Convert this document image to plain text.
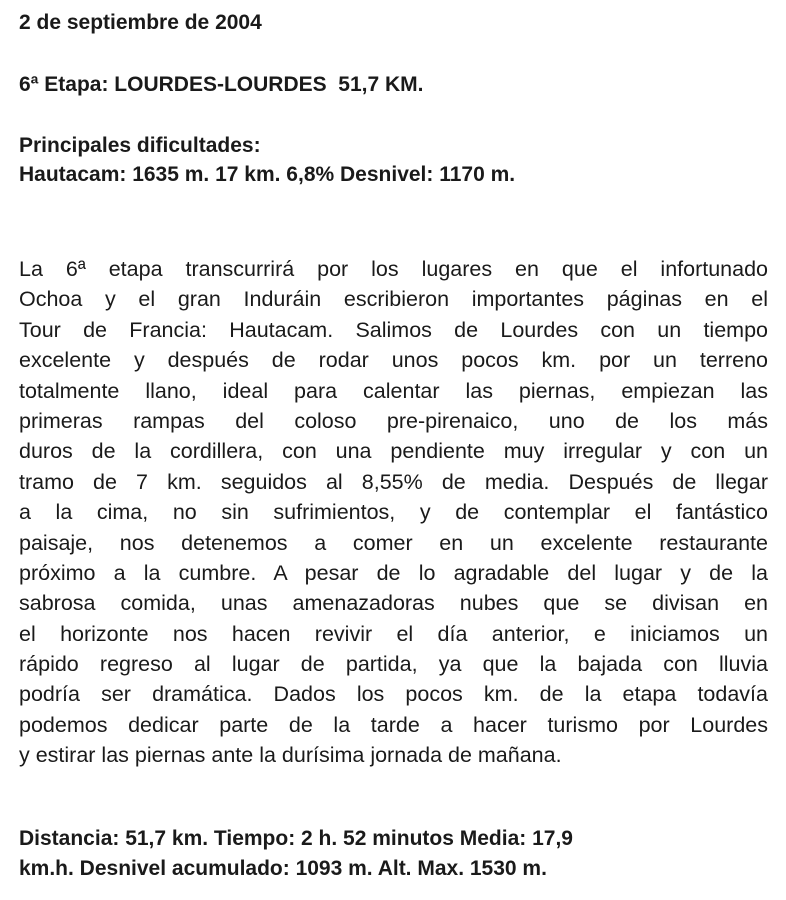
2 de septiembre de 2004
6ª Etapa: LOURDES-LOURDES  51,7 KM.
Principales dificultades:
Hautacam: 1635 m. 17 km. 6,8% Desnivel: 1170 m.
La 6ª etapa transcurrirá por los lugares en que el infortunado
Ochoa y el gran Induráin escribieron importantes páginas en el
Tour de Francia: Hautacam. Salimos de Lourdes con un tiempo
excelente y después de rodar unos pocos km. por un terreno
totalmente llano, ideal para calentar las piernas, empiezan las
primeras rampas del coloso pre-pirenaico, uno de los más
duros de la cordillera, con una pendiente muy irregular y con un
tramo de 7 km. seguidos al 8,55% de media. Después de llegar
a la cima, no sin sufrimientos, y de contemplar el fantástico
paisaje, nos detenemos a comer en un excelente restaurante
próximo a la cumbre. A pesar de lo agradable del lugar y de la
sabrosa comida, unas amenazadoras nubes que se divisan en
el horizonte nos hacen revivir el día anterior, e iniciamos un
rápido regreso al lugar de partida, ya que la bajada con lluvia
podría ser dramática. Dados los pocos km. de la etapa todavía
podemos dedicar parte de la tarde a hacer turismo por Lourdes
y estirar las piernas ante la durísima jornada de mañana.
Distancia: 51,7 km. Tiempo: 2 h. 52 minutos Media: 17,9
km.h. Desnivel acumulado: 1093 m. Alt. Max. 1530 m.
